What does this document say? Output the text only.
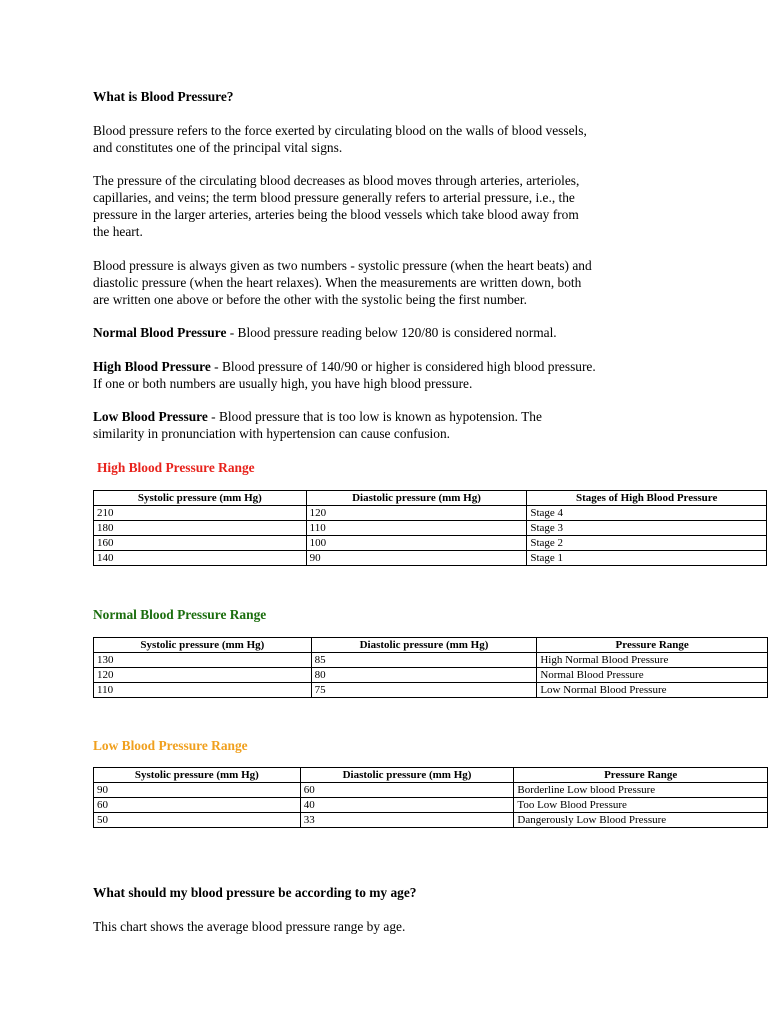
What is Blood Pressure?
Blood pressure refers to the force exerted by circulating blood on the walls of blood vessels,
and constitutes one of the principal vital signs.
The pressure of the circulating blood decreases as blood moves through arteries, arterioles,
capillaries, and veins; the term blood pressure generally refers to arterial pressure, i.e., the
pressure in the larger arteries, arteries being the blood vessels which take blood away from
the heart.
Blood pressure is always given as two numbers - systolic pressure (when the heart beats) and
diastolic pressure (when the heart relaxes). When the measurements are written down, both
are written one above or before the other with the systolic being the first number.
Normal Blood Pressure - Blood pressure reading below 120/80 is considered normal.
High Blood Pressure - Blood pressure of 140/90 or higher is considered high blood pressure.
If one or both numbers are usually high, you have high blood pressure.
Low Blood Pressure - Blood pressure that is too low is known as hypotension. The
similarity in pronunciation with hypertension can cause confusion.
High Blood Pressure Range
Systolic pressure (mm Hg)	Diastolic pressure (mm Hg)	Stages of High Blood Pressure
210	120	Stage 4
180	110	Stage 3
160	100	Stage 2
140	90	Stage 1
Normal Blood Pressure Range
Systolic pressure (mm Hg)	Diastolic pressure (mm Hg)	Pressure Range
130	85	High Normal Blood Pressure
120	80	Normal Blood Pressure
110	75	Low Normal Blood Pressure
Low Blood Pressure Range
Systolic pressure (mm Hg)	Diastolic pressure (mm Hg)	Pressure Range
90	60	Borderline Low blood Pressure
60	40	Too Low Blood Pressure
50	33	Dangerously Low Blood Pressure
What should my blood pressure be according to my age?
This chart shows the average blood pressure range by age.
